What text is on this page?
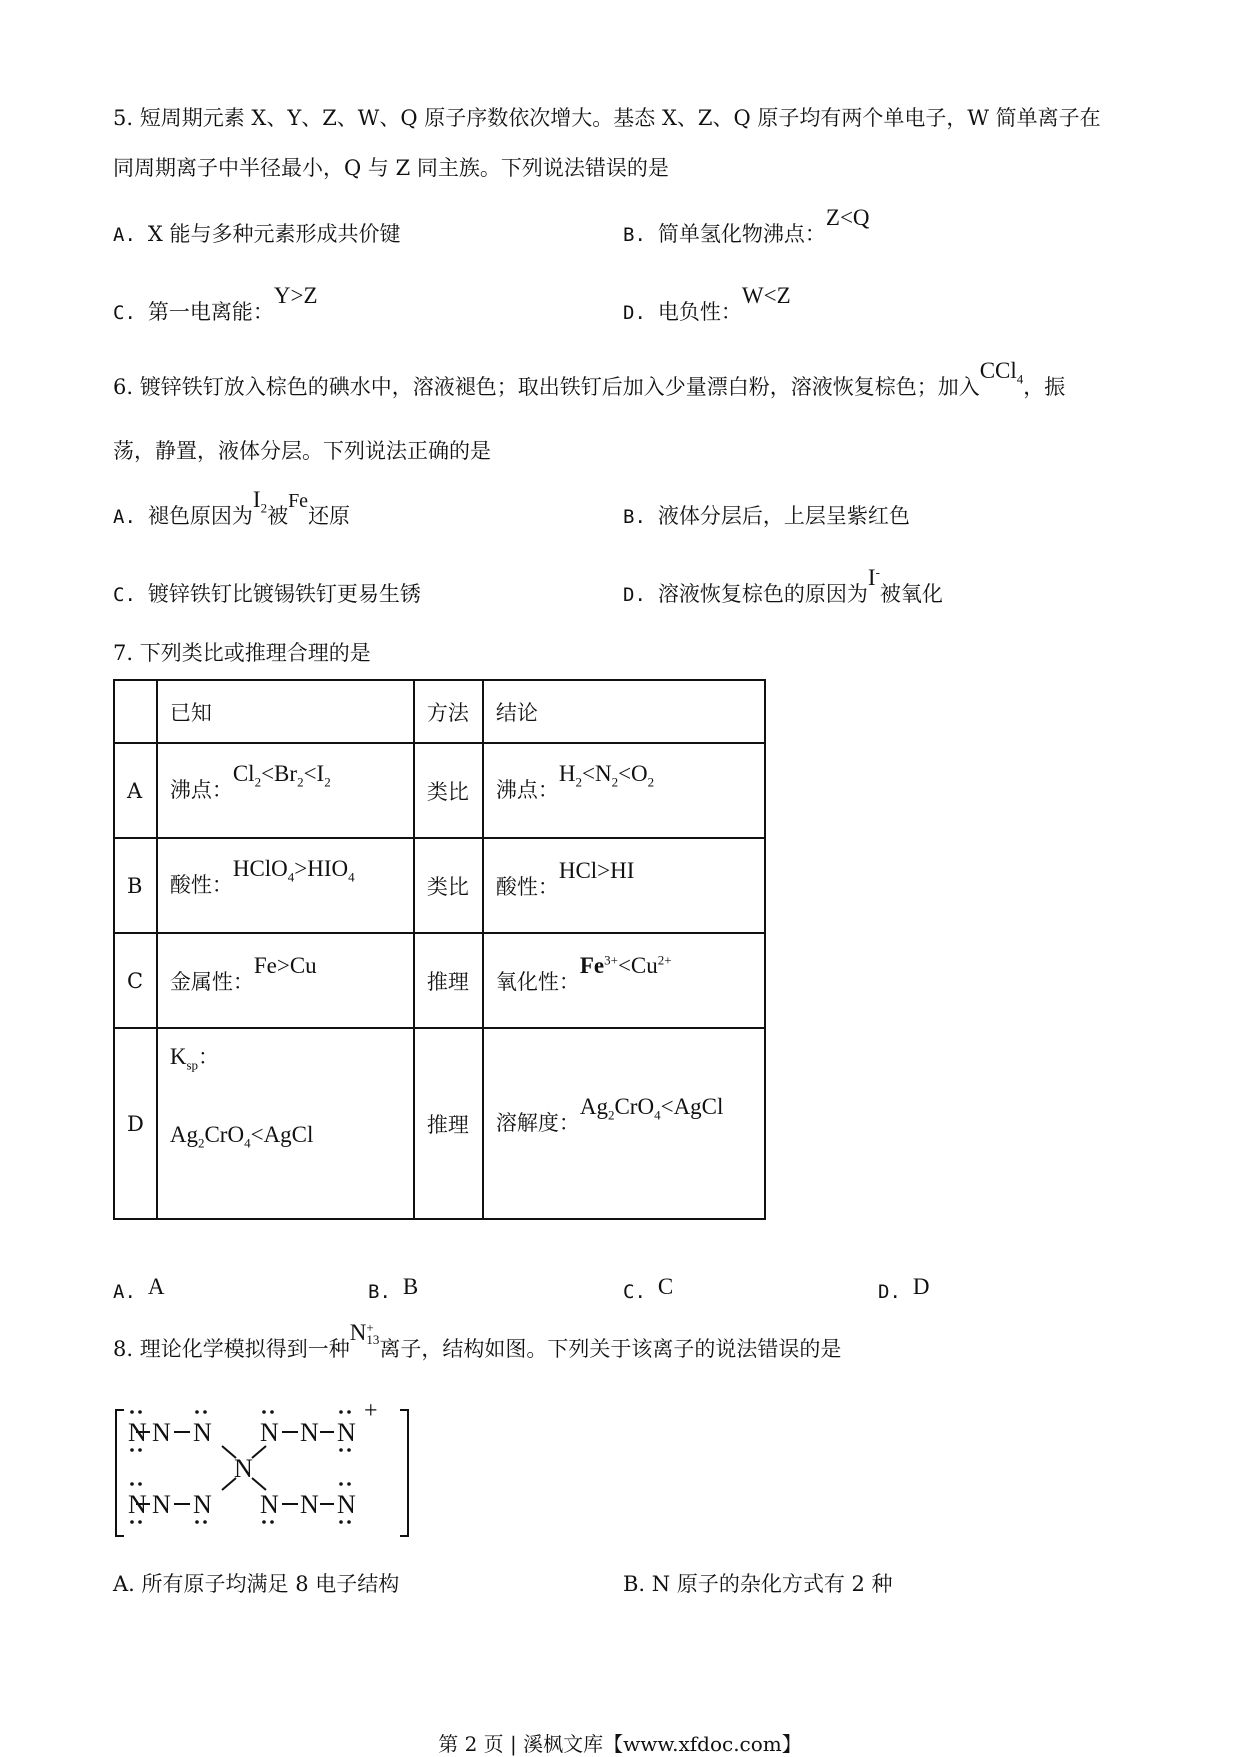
5. 短周期元素 X、Y、Z、W、Q 原子序数依次增大。基态 X、Z、Q 原子均有两个单电子，W 简单离子在
同周期离子中半径最小，Q 与 Z 同主族。下列说法错误的是
A. X 能与多种元素形成共价键	B. 简单氢化物沸点：Z<Q
C. 第一电离能：Y>Z
D. 电负性：W<Z
6. 镀锌铁钉放入棕色的碘水中，溶液褪色；取出铁钉后加入少量漂白粉，溶液恢复棕色；加入CCl$_4$，振
荡，静置，液体分层。下列说法正确的是
A. 褪色原因为$I_2$被Fe还原	B. 液体分层后，上层呈紫红色
C. 镀锌铁钉比镀锡铁钉更易生锈	D. 溶液恢复棕色的原因为I-被氧化
7. 下列类比或推理合理的是
	已知	方法	结论
A	沸点：$Cl_2<Br_2<I_2$	类比	沸点：$H_2<N_2<O_2$
B	酸性：$HClO_4>HIO_4$	类比	酸性：HCl>HI
C	金属性：Fe>Cu	推理	氧化性：$Fe^{3+}<Cu^{2+}$
D	$K_{sp}$：
$Ag_2CrO_4<AgCl$	推理	溶解度：$Ag_2CrO_4<AgCl$
A. A	B. B	C. C	D. D
8. 理论化学模拟得到一种N +
13 离子，结构如图。下列关于该离子的说法错误的是
N N N N N N
N
N N N N N N
+
A. 所有原子均满足 8 电子结构	B. N 原子的杂化方式有 2 种
第 2 页 | 溪枫文库【www.xfdoc.com】
